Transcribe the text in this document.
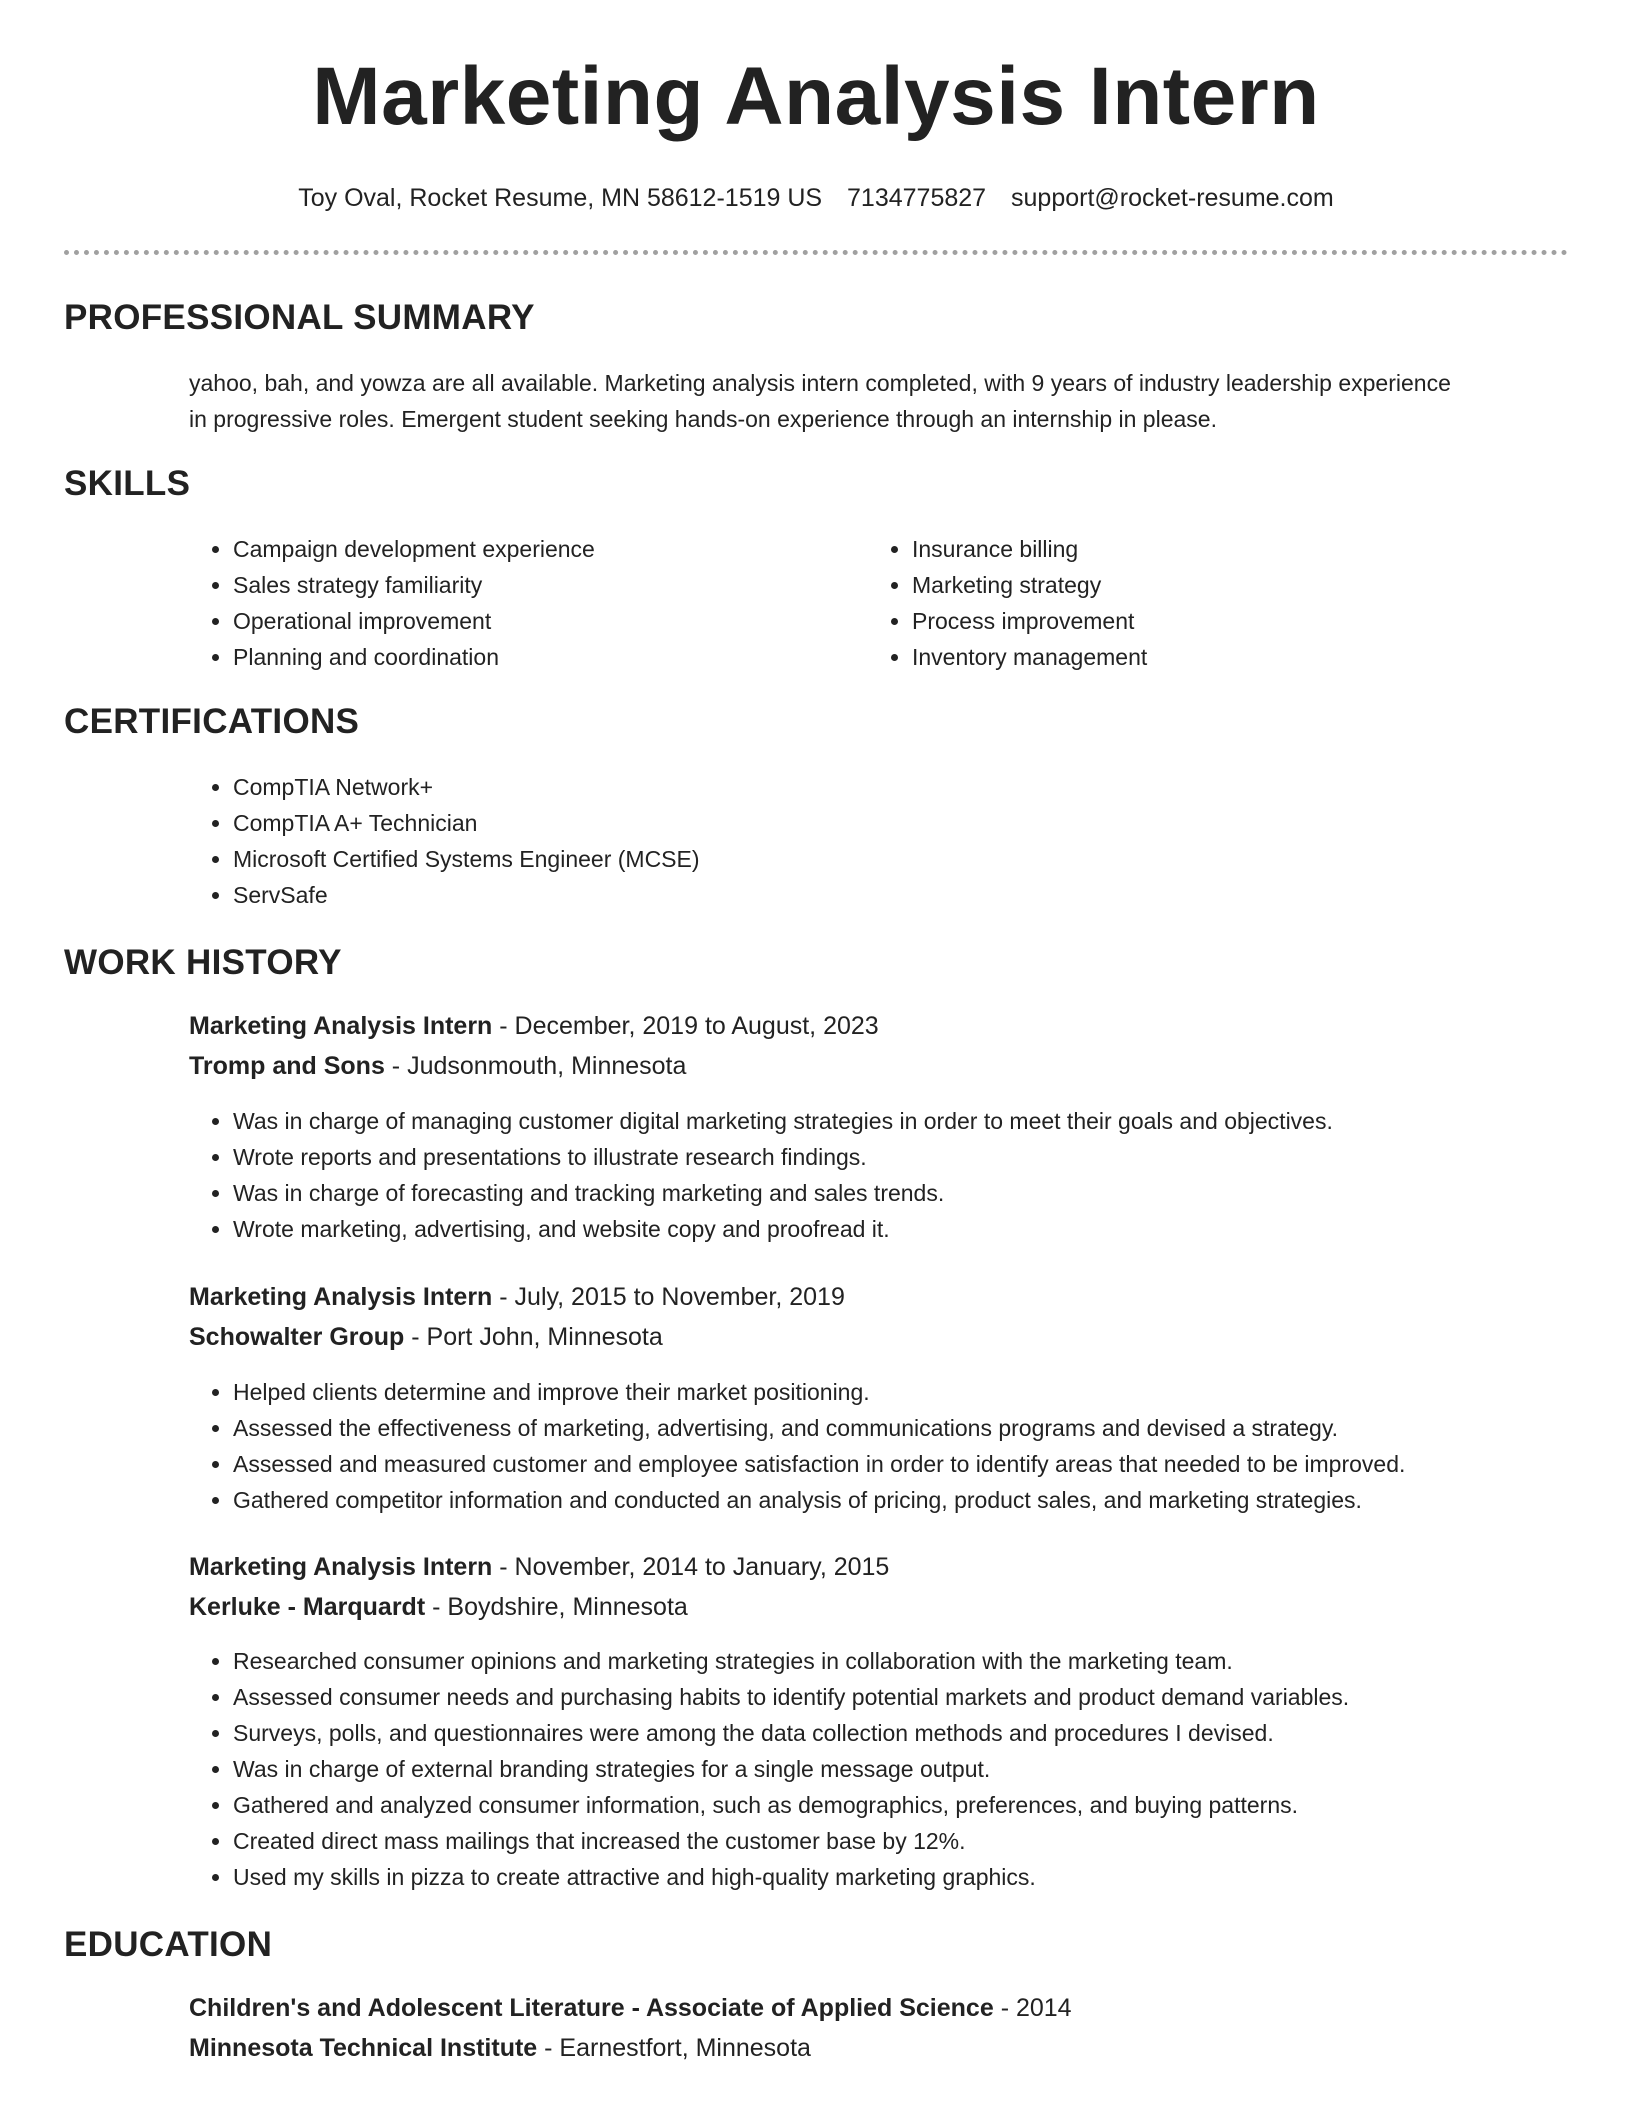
Marketing Analysis Intern
Toy Oval, Rocket Resume, MN 58612-1519 US 7134775827 support@rocket-resume.com
PROFESSIONAL SUMMARY
yahoo, bah, and yowza are all available. Marketing analysis intern completed, with 9 years of industry leadership experience
in progressive roles. Emergent student seeking hands-on experience through an internship in please.
SKILLS
• Campaign development experience
• Sales strategy familiarity
• Operational improvement
• Planning and coordination
• Insurance billing
• Marketing strategy
• Process improvement
• Inventory management
CERTIFICATIONS
• CompTIA Network+
• CompTIA A+ Technician
• Microsoft Certified Systems Engineer (MCSE)
• ServSafe
WORK HISTORY
Marketing Analysis Intern - December, 2019 to August, 2023
Tromp and Sons - Judsonmouth, Minnesota
• Was in charge of managing customer digital marketing strategies in order to meet their goals and objectives.
• Wrote reports and presentations to illustrate research findings.
• Was in charge of forecasting and tracking marketing and sales trends.
• Wrote marketing, advertising, and website copy and proofread it.
Marketing Analysis Intern - July, 2015 to November, 2019
Schowalter Group - Port John, Minnesota
• Helped clients determine and improve their market positioning.
• Assessed the effectiveness of marketing, advertising, and communications programs and devised a strategy.
• Assessed and measured customer and employee satisfaction in order to identify areas that needed to be improved.
• Gathered competitor information and conducted an analysis of pricing, product sales, and marketing strategies.
Marketing Analysis Intern - November, 2014 to January, 2015
Kerluke - Marquardt - Boydshire, Minnesota
• Researched consumer opinions and marketing strategies in collaboration with the marketing team.
• Assessed consumer needs and purchasing habits to identify potential markets and product demand variables.
• Surveys, polls, and questionnaires were among the data collection methods and procedures I devised.
• Was in charge of external branding strategies for a single message output.
• Gathered and analyzed consumer information, such as demographics, preferences, and buying patterns.
• Created direct mass mailings that increased the customer base by 12%.
• Used my skills in pizza to create attractive and high-quality marketing graphics.
EDUCATION
Children's and Adolescent Literature - Associate of Applied Science - 2014
Minnesota Technical Institute - Earnestfort, Minnesota
